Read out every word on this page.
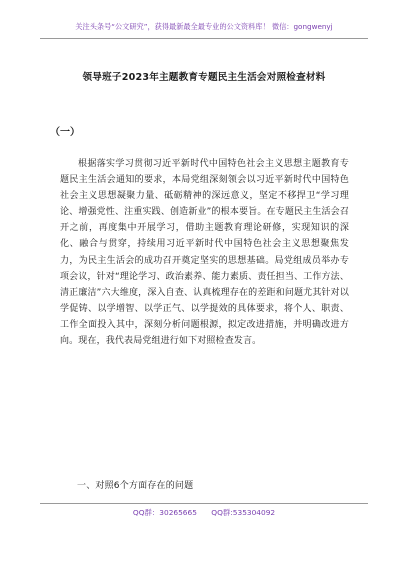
关注头条号“公文研究”，获得最新最全最专业的公文资料库！ 微信：gongwenyj
领导班子2023年主题教育专题民主生活会对照检查材料
（一）
根据落实学习贯彻习近平新时代中国特色社会主义思想主题教育专题民主生活会通知的要求，本局党组深刻领会以习近平新时代中国特色社会主义思想凝聚力量、砥砺精神的深远意义，坚定不移捍卫“学习理论、增强党性、注重实践、创造新业”的根本要旨。在专题民主生活会召开之前，再度集中开展学习，借助主题教育理论研修，实现知识的深化、融合与贯穿，持续用习近平新时代中国特色社会主义思想聚焦发力，为民主生活会的成功召开奠定坚实的思想基础。局党组成员举办专项会议，针对“理论学习、政治素养、能力素质、责任担当、工作方法、清正廉洁”六大维度，深入自查、认真梳理存在的差距和问题尤其针对以学促铸、以学增智、以学正气、以学提效的具体要求，将个人、职责、工作全面投入其中，深刻分析问题根源，拟定改进措施，并明确改进方向。现在，我代表局党组进行如下对照检查发言。
一、对照6个方面存在的问题
QQ群：30265665 QQ群:535304092
